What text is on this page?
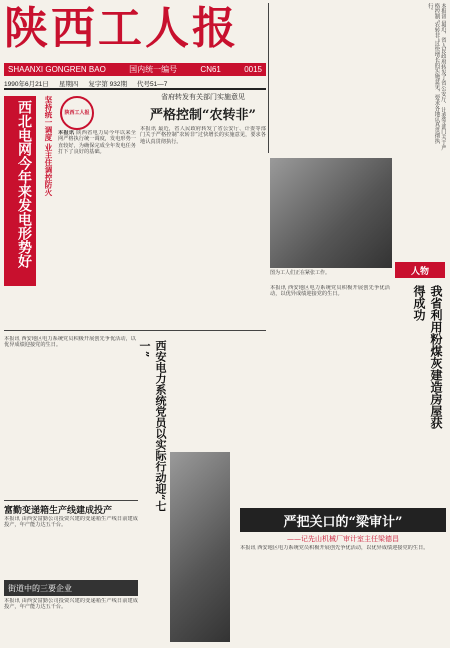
陕西工人报
SHAANXI GONGREN BAO	国内统一编号	CN61	0015
1990年6月21日 星期四 复字第 932期 代号51—7	本报讯 最近，省人民政府转发了省公安厅、计委等部门关于严格控制“农转非”过快增长的实施意见，要求各地认真贯彻执行。
西北电网今年来发电形势好	坚持统一调度 业主住调控防火 陕西工人报
本报讯 陕西省电力局今年以来全网严格执行统一调度，发电形势一直较好，为确保完成全年发电任务打下了良好的基础。
省府转发有关部门实施意见
严格控制“农转非”
本报讯 最近，省人民政府转发了省公安厅、计委等部门关于严格控制“农转非”过快增长的实施意见，要求各地认真贯彻执行。
图为工人们正在紧张工作。	人物
我省利用粉煤灰建造房屋获得成功
西安电力系统党员以实际行动迎“七一”
本报讯 西安地区电力系统党员积极开展创先争优活动，以优异成绩迎接党的生日。
本报讯 西安地区电力系统党员积极开展创先争优活动，以优异成绩迎接党的生日。
富勤变递箱生产线建成投产
本报讯 由西安富勤公司投资兴建的变递箱生产线日前建成投产，年产能力达五千台。
街道中的三要企业
本报讯 由西安富勤公司投资兴建的变递箱生产线日前建成投产，年产能力达五千台。
严把关口的“梁审计”
——记先山机械厂审计室主任梁德昌
本报讯 西安地区电力系统党员积极开展创先争优活动，以优异成绩迎接党的生日。
